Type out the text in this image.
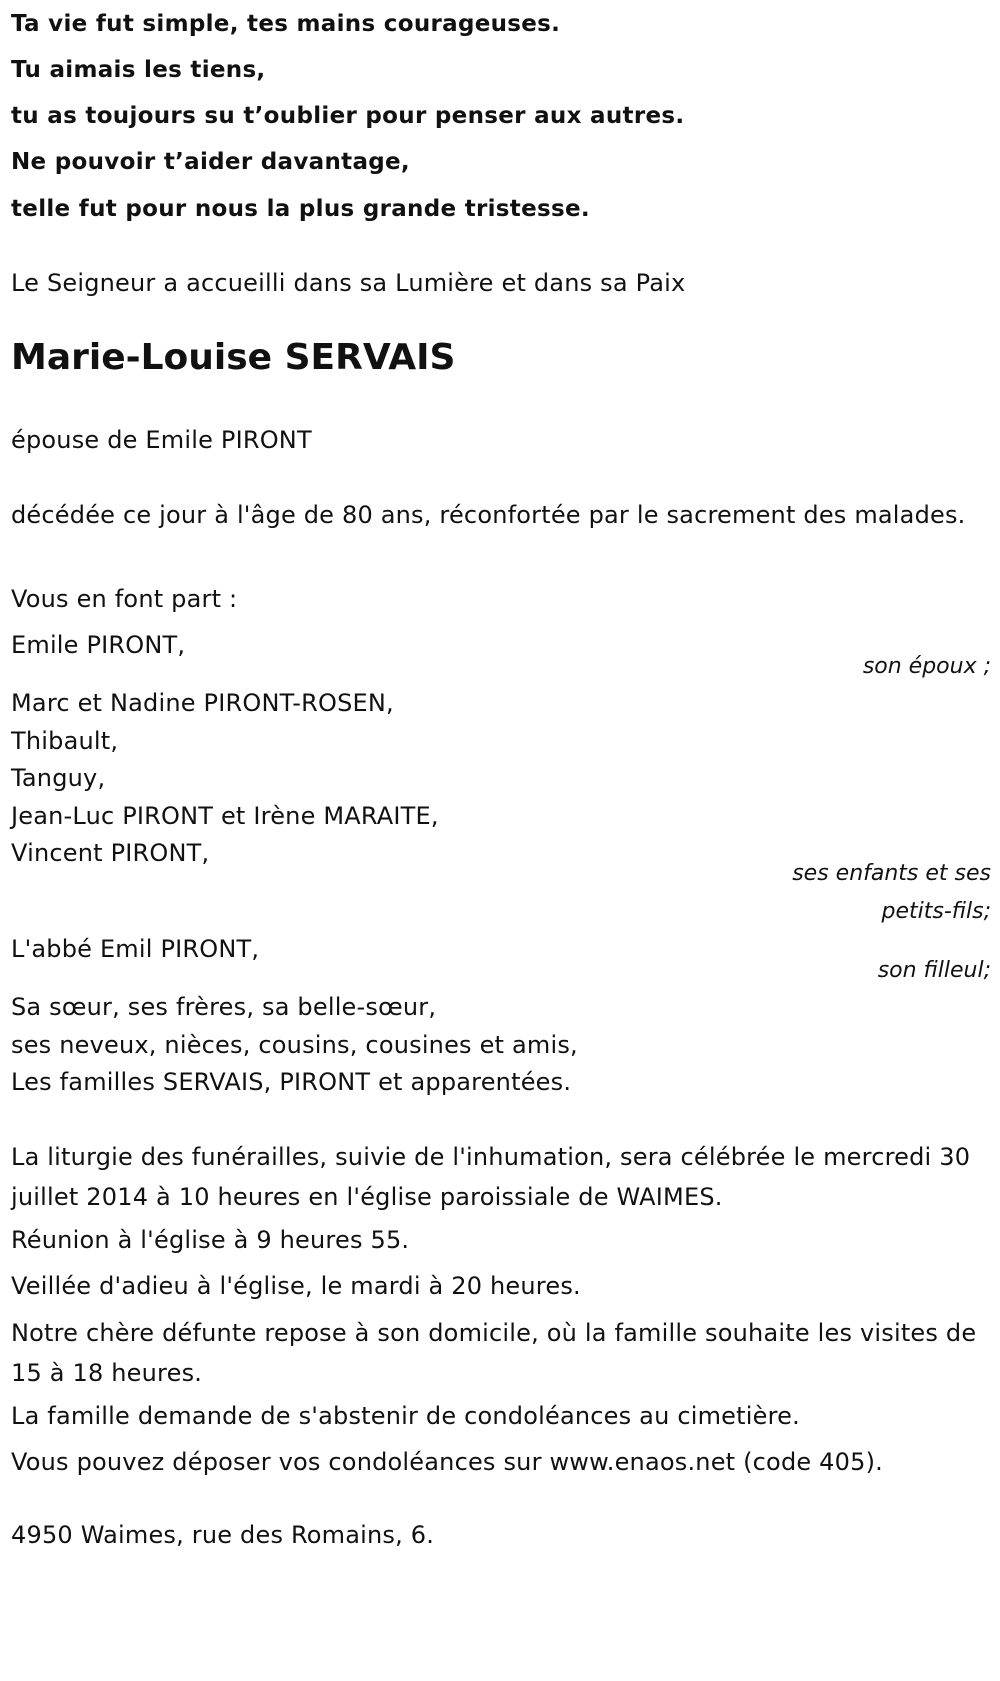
Ta vie fut simple, tes mains courageuses.
Tu aimais les tiens,
tu as toujours su t’oublier pour penser aux autres.
Ne pouvoir t’aider davantage,
telle fut pour nous la plus grande tristesse.
Le Seigneur a accueilli dans sa Lumière et dans sa Paix
Marie-Louise SERVAIS
épouse de Emile PIRONT
décédée ce jour à l'âge de 80 ans, réconfortée par le sacrement des malades.
Vous en font part :
Emile PIRONT,
son époux ;
Marc et Nadine PIRONT-ROSEN,
Thibault,
Tanguy,
Jean-Luc PIRONT et Irène MARAITE,
Vincent PIRONT,
ses enfants et ses petits-fils;
L'abbé Emil PIRONT,
son filleul;
Sa sœur, ses frères, sa belle-sœur,
ses neveux, nièces, cousins, cousines et amis,
Les familles SERVAIS, PIRONT et apparentées.
La liturgie des funérailles, suivie de l'inhumation, sera célébrée le mercredi 30 juillet 2014 à 10 heures en l'église paroissiale de WAIMES.
Réunion à l'église à 9 heures 55.
Veillée d'adieu à l'église, le mardi à 20 heures.
Notre chère défunte repose à son domicile, où la famille souhaite les visites de 15 à 18 heures.
La famille demande de s'abstenir de condoléances au cimetière.
Vous pouvez déposer vos condoléances sur www.enaos.net (code 405).
4950 Waimes, rue des Romains, 6.
